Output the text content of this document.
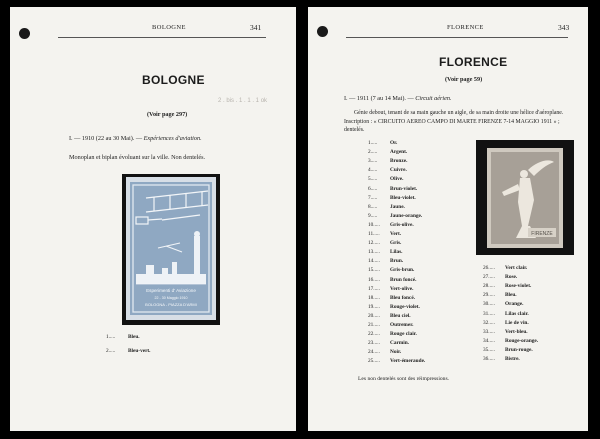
BOLOGNE	341
BOLOGNE
2 . bis . 1 . 1 . 1 ok
(Voir page 297)
I. — 1910 (22 au 30 Mai). — Expériences d'aviation.
Monoplan et biplan évoluant sur la ville. Non dentelés.
Esperimenti d' Aviazione
22 - 30 Maggio 1910
BOLOGNA - PIAZZA D'ARMI
1..... Bleu.
2..... Bleu-vert.
FLORENCE	343
FLORENCE
(Voir page 59)
I. — 1911 (7 au 14 Mai). — Circuit aérien.
Génie debout, tenant de sa main gauche un aigle, de sa main droite une hélice d'aéroplane. Inscription : « CIRCUITO AEREO CAMPO DI MARTE FIRENZE 7-14 MAGGIO 1911 » ; dentelés.
FIRENZE
1..... Or.
2..... Argent.
3..... Bronze.
4..... Cuivre.
5..... Olive.
6..... Brun-violet.
7..... Bleu-violet.
8..... Jaune.
9..... Jaune-orange.
10..... Gris-olive.
11..... Vert.
12..... Gris.
13..... Lilas.
14..... Brun.
15..... Gris-brun.
16..... Brun foncé.
17..... Vert-olive.
18..... Bleu foncé.
19..... Rouge-violet.
20..... Bleu ciel.
21..... Outremer.
22..... Rouge clair.
23..... Carmin.
24..... Noir.
25..... Vert-émeraude.
26..... Vert clair.
27..... Rose.
28..... Rose-violet.
29..... Bleu.
30..... Orange.
31..... Lilas clair.
32..... Lie de vin.
33..... Vert-bleu.
34..... Rouge-orange.
35..... Brun-rouge.
36..... Bistre.
Les non dentelés sont des réimpressions.
